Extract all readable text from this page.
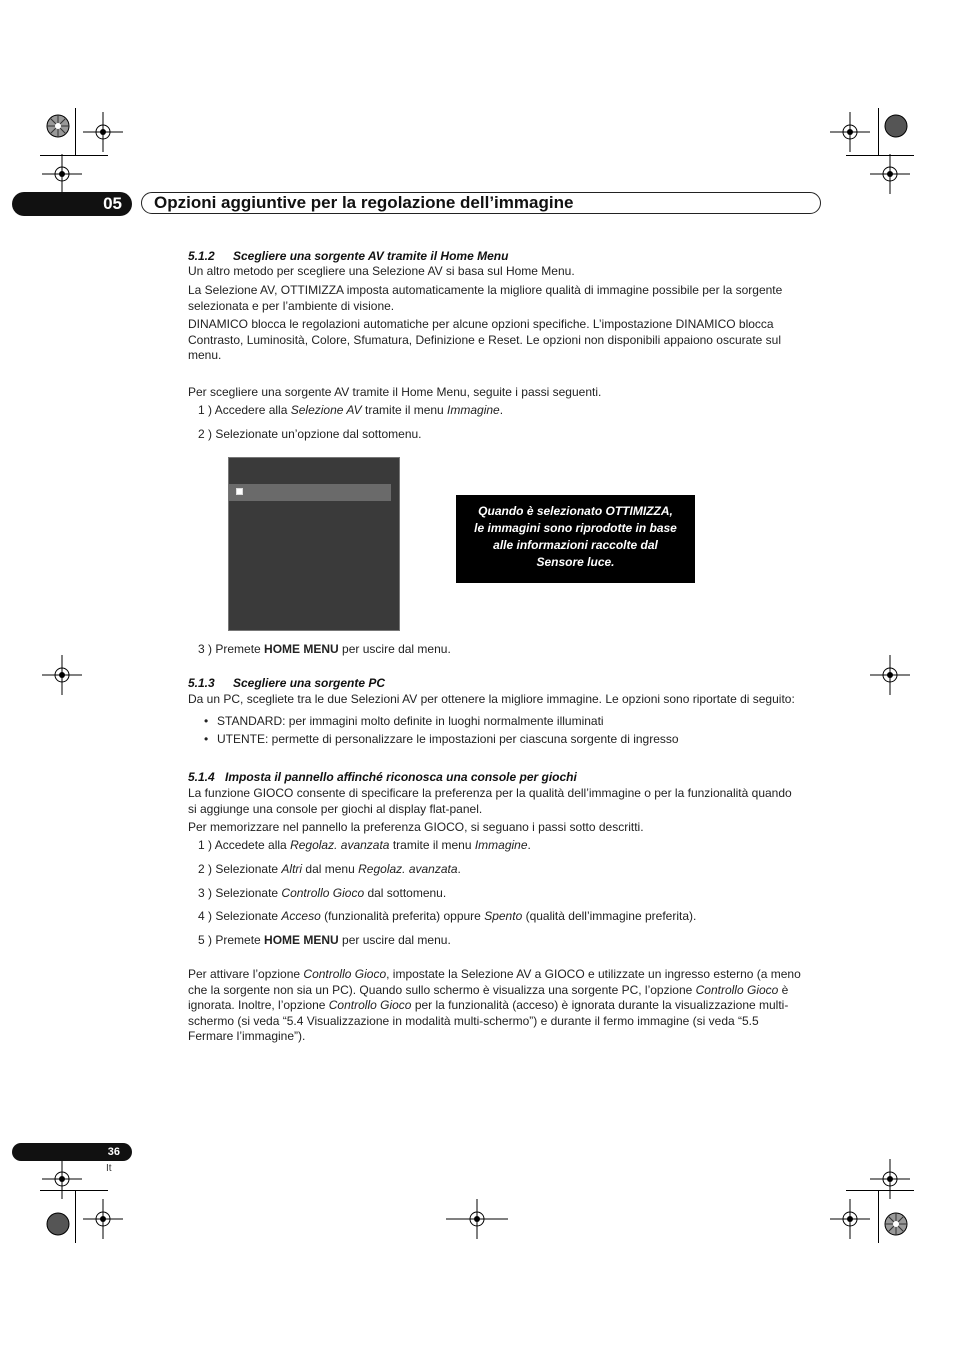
05	Opzioni aggiuntive per la regolazione dell’immagine
5.1.2 Scegliere una sorgente AV tramite il Home Menu
Un altro metodo per scegliere una Selezione AV si basa sul Home Menu.
La Selezione AV, OTTIMIZZA imposta automaticamente la migliore qualità di immagine possibile per la sorgente
selezionata e per l’ambiente di visione.
DINAMICO blocca le regolazioni automatiche per alcune opzioni specifiche. L’impostazione DINAMICO blocca
Contrasto, Luminosità, Colore, Sfumatura, Definizione e Reset. Le opzioni non disponibili appaiono oscurate sul
menu.
Per scegliere una sorgente AV tramite il Home Menu, seguite i passi seguenti.
1 ) Accedere alla Selezione AV tramite il menu Immagine.
2 ) Selezionate un’opzione dal sottomenu.
Quando è selezionato OTTIMIZZA,
le immagini sono riprodotte in base
alle informazioni raccolte dal
Sensore luce.
3 ) Premete HOME MENU per uscire dal menu.
5.1.3 Scegliere una sorgente PC
Da un PC, scegliete tra le due Selezioni AV per ottenere la migliore immagine. Le opzioni sono riportate di seguito:
• STANDARD: per immagini molto definite in luoghi normalmente illuminati
• UTENTE: permette di personalizzare le impostazioni per ciascuna sorgente di ingresso
5.1.4 Imposta il pannello affinché riconosca una console per giochi
La funzione GIOCO consente di specificare la preferenza per la qualità dell’immagine o per la funzionalità quando
si aggiunge una console per giochi al display flat-panel.
Per memorizzare nel pannello la preferenza GIOCO, si seguano i passi sotto descritti.
1 ) Accedete alla Regolaz. avanzata tramite il menu Immagine.
2 ) Selezionate Altri dal menu Regolaz. avanzata.
3 ) Selezionate Controllo Gioco dal sottomenu.
4 ) Selezionate Acceso (funzionalità preferita) oppure Spento (qualità dell’immagine preferita).
5 ) Premete HOME MENU per uscire dal menu.
Per attivare l’opzione Controllo Gioco, impostate la Selezione AV a GIOCO e utilizzate un ingresso esterno (a meno
che la sorgente non sia un PC). Quando sullo schermo è visualizza una sorgente PC, l’opzione Controllo Gioco è
ignorata. Inoltre, l’opzione Controllo Gioco per la funzionalità (acceso) è ignorata durante la visualizzazione multi-
schermo (si veda “5.4 Visualizzazione in modalità multi-schermo”) e durante il fermo immagine (si veda “5.5
Fermare l’immagine”).
36
It
